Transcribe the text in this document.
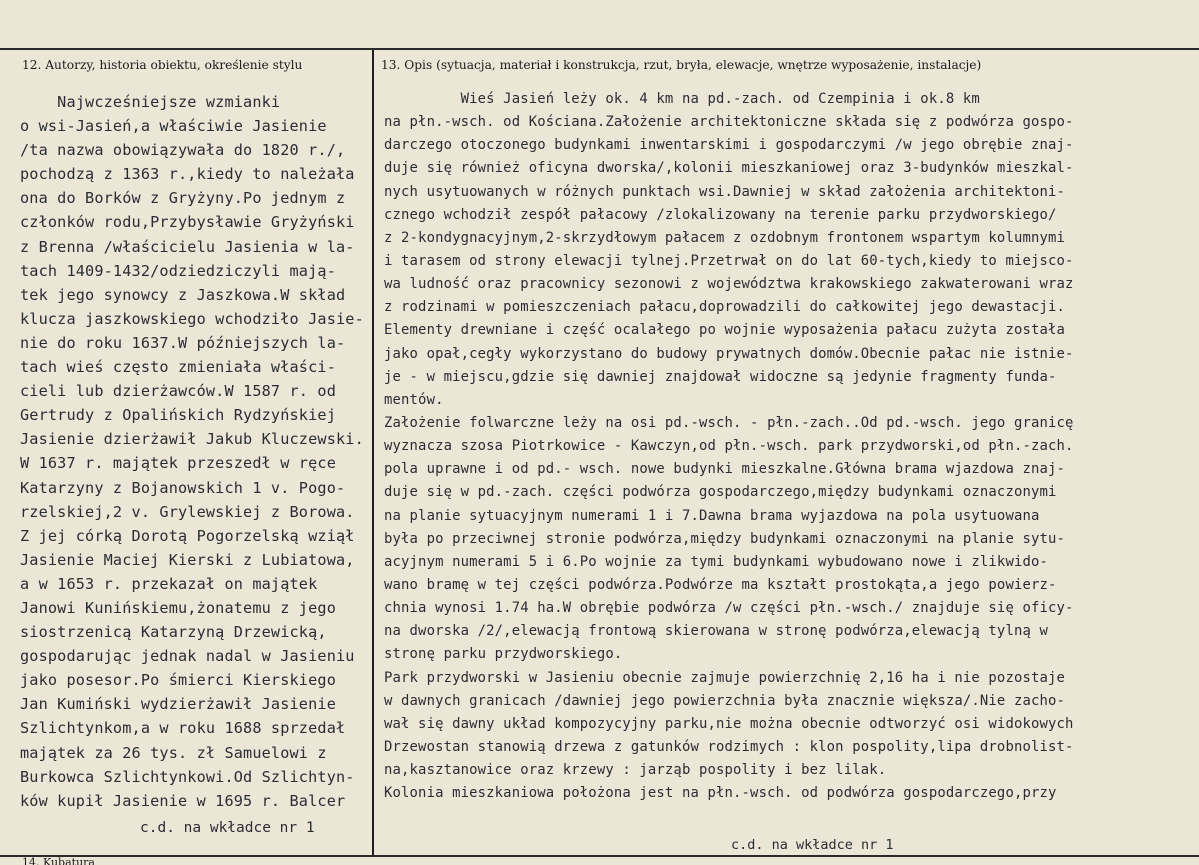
12. Autorzy, historia obiektu, określenie stylu	13. Opis (sytuacja, materiał i konstrukcja, rzut, bryła, elewacje, wnętrze wyposażenie, instalacje)
Najwcześniejsze wzmianki
o wsi-Jasień,a właściwie Jasienie
/ta nazwa obowiązywała do 1820 r./,
pochodzą z 1363 r.,kiedy to należała
ona do Borków z Gryżyny.Po jednym z
członków rodu,Przybysławie Gryżyński
z Brenna /właścicielu Jasienia w la-
tach 1409-1432/odziedziczyli mają-
tek jego synowcy z Jaszkowa.W skład
klucza jaszkowskiego wchodziło Jasie-
nie do roku 1637.W późniejszych la-
tach wieś często zmieniała właści-
cieli lub dzierżawców.W 1587 r. od
Gertrudy z Opalińskich Rydzyńskiej
Jasienie dzierżawił Jakub Kluczewski.
W 1637 r. majątek przeszedł w ręce
Katarzyny z Bojanowskich 1 v. Pogo-
rzelskiej,2 v. Grylewskiej z Borowa.
Z jej córką Dorotą Pogorzelską wziął
Jasienie Maciej Kierski z Lubiatowa,
a w 1653 r. przekazał on majątek
Janowi Kunińskiemu,żonatemu z jego
siostrzenicą Katarzyną Drzewicką,
gospodarując jednak nadal w Jasieniu
jako posesor.Po śmierci Kierskiego
Jan Kumiński wydzierżawił Jasienie
Szlichtynkom,a w roku 1688 sprzedał
majątek za 26 tys. zł Samuelowi z
Burkowca Szlichtynkowi.Od Szlichtyn-
ków kupił Jasienie w 1695 r. Balcer
Wieś Jasień leży ok. 4 km na pd.-zach. od Czempinia i ok.8 km
na płn.-wsch. od Kościana.Założenie architektoniczne składa się z podwórza gospo-
darczego otoczonego budynkami inwentarskimi i gospodarczymi /w jego obrębie znaj-
duje się również oficyna dworska/,kolonii mieszkaniowej oraz 3-budynków mieszkal-
nych usytuowanych w różnych punktach wsi.Dawniej w skład założenia architektoni-
cznego wchodził zespół pałacowy /zlokalizowany na terenie parku przydworskiego/
z 2-kondygnacyjnym,2-skrzydłowym pałacem z ozdobnym frontonem wspartym kolumnymi
i tarasem od strony elewacji tylnej.Przetrwał on do lat 60-tych,kiedy to miejsco-
wa ludność oraz pracownicy sezonowi z województwa krakowskiego zakwaterowani wraz
z rodzinami w pomieszczeniach pałacu,doprowadzili do całkowitej jego dewastacji.
Elementy drewniane i część ocalałego po wojnie wyposażenia pałacu zużyta została
jako opał,cegły wykorzystano do budowy prywatnych domów.Obecnie pałac nie istnie-
je - w miejscu,gdzie się dawniej znajdował widoczne są jedynie fragmenty funda-
mentów.
Założenie folwarczne leży na osi pd.-wsch. - płn.-zach..Od pd.-wsch. jego granicę
wyznacza szosa Piotrkowice - Kawczyn,od płn.-wsch. park przydworski,od płn.-zach.
pola uprawne i od pd.- wsch. nowe budynki mieszkalne.Główna brama wjazdowa znaj-
duje się w pd.-zach. części podwórza gospodarczego,między budynkami oznaczonymi
na planie sytuacyjnym numerami 1 i 7.Dawna brama wyjazdowa na pola usytuowana
była po przeciwnej stronie podwórza,między budynkami oznaczonymi na planie sytu-
acyjnym numerami 5 i 6.Po wojnie za tymi budynkami wybudowano nowe i zlikwido-
wano bramę w tej części podwórza.Podwórze ma kształt prostokąta,a jego powierz-
chnia wynosi 1.74 ha.W obrębie podwórza /w części płn.-wsch./ znajduje się oficy-
na dworska /2/,elewacją frontową skierowana w stronę podwórza,elewacją tylną w
stronę parku przydworskiego.
Park przydworski w Jasieniu obecnie zajmuje powierzchnię 2,16 ha i nie pozostaje
w dawnych granicach /dawniej jego powierzchnia była znacznie większa/.Nie zacho-
wał się dawny układ kompozycyjny parku,nie można obecnie odtworzyć osi widokowych
Drzewostan stanowią drzewa z gatunków rodzimych : klon pospolity,lipa drobnolist-
na,kasztanowice oraz krzewy : jarząb pospolity i bez lilak.
Kolonia mieszkaniowa położona jest na płn.-wsch. od podwórza gospodarczego,przy
c.d. na wkładce nr 1
c.d. na wkładce nr 1
14. Kubatura
